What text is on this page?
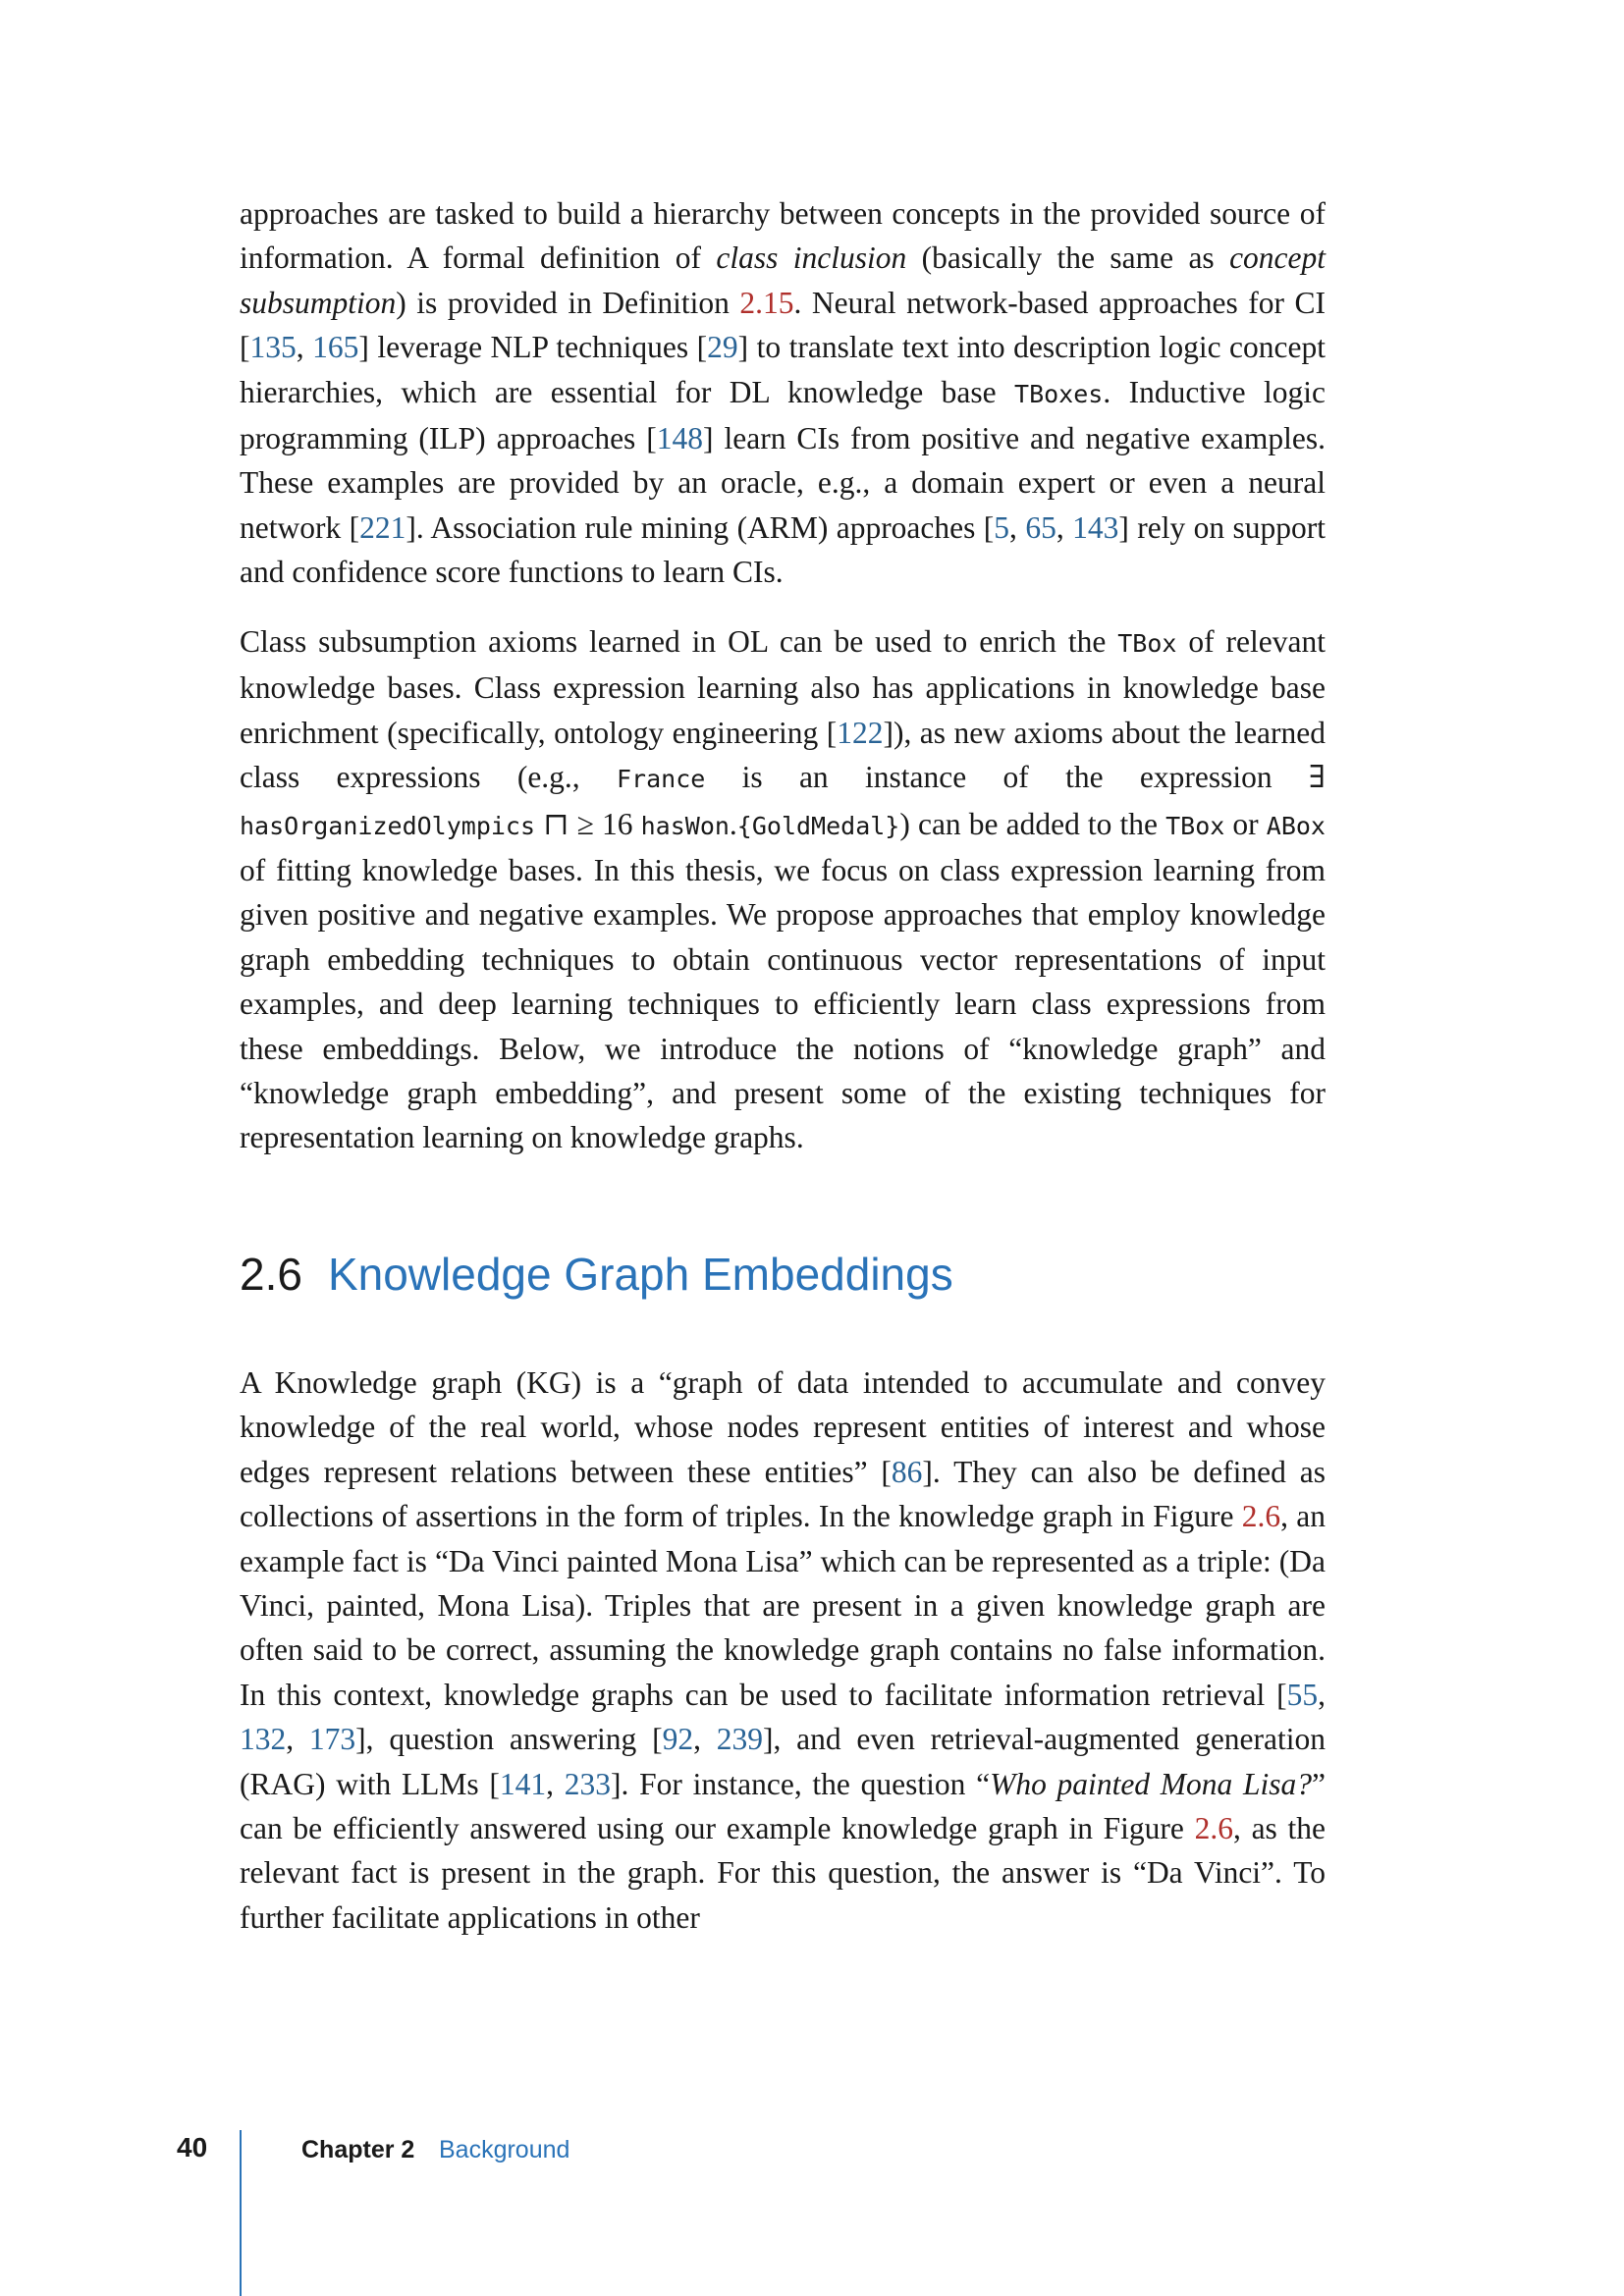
approaches are tasked to build a hierarchy between concepts in the provided source of information. A formal definition of class inclusion (basically the same as concept subsumption) is provided in Definition 2.15. Neural network-based approaches for CI [135, 165] leverage NLP techniques [29] to translate text into description logic concept hierarchies, which are essential for DL knowledge base TBoxes. Inductive logic programming (ILP) approaches [148] learn CIs from positive and negative examples. These examples are provided by an oracle, e.g., a domain expert or even a neural network [221]. Association rule mining (ARM) approaches [5, 65, 143] rely on support and confidence score functions to learn CIs.

Class subsumption axioms learned in OL can be used to enrich the TBox of relevant knowledge bases. Class expression learning also has applications in knowledge base enrichment (specifically, ontology engineering [122]), as new axioms about the learned class expressions (e.g., France is an instance of the expression ∃ hasOrganizedOlympics ⊓ ≥ 16 hasWon.{GoldMedal}) can be added to the TBox or ABox of fitting knowledge bases. In this thesis, we focus on class expression learning from given positive and negative examples. We propose approaches that employ knowledge graph embedding techniques to obtain continuous vector representations of input examples, and deep learning techniques to efficiently learn class expressions from these embeddings. Below, we introduce the notions of “knowledge graph” and “knowledge graph embedding”, and present some of the existing techniques for representation learning on knowledge graphs.

2.6 Knowledge Graph Embeddings

A Knowledge graph (KG) is a “graph of data intended to accumulate and convey knowledge of the real world, whose nodes represent entities of interest and whose edges represent relations between these entities” [86]. They can also be defined as collections of assertions in the form of triples. In the knowledge graph in Figure 2.6, an example fact is “Da Vinci painted Mona Lisa” which can be represented as a triple: (Da Vinci, painted, Mona Lisa). Triples that are present in a given knowledge graph are often said to be correct, assuming the knowledge graph contains no false information. In this context, knowledge graphs can be used to facilitate information retrieval [55, 132, 173], question answering [92, 239], and even retrieval-augmented generation (RAG) with LLMs [141, 233]. For instance, the question “Who painted Mona Lisa?” can be efficiently answered using our example knowledge graph in Figure 2.6, as the relevant fact is present in the graph. For this question, the answer is “Da Vinci”. To further facilitate applications in other

40	Chapter 2 Background
